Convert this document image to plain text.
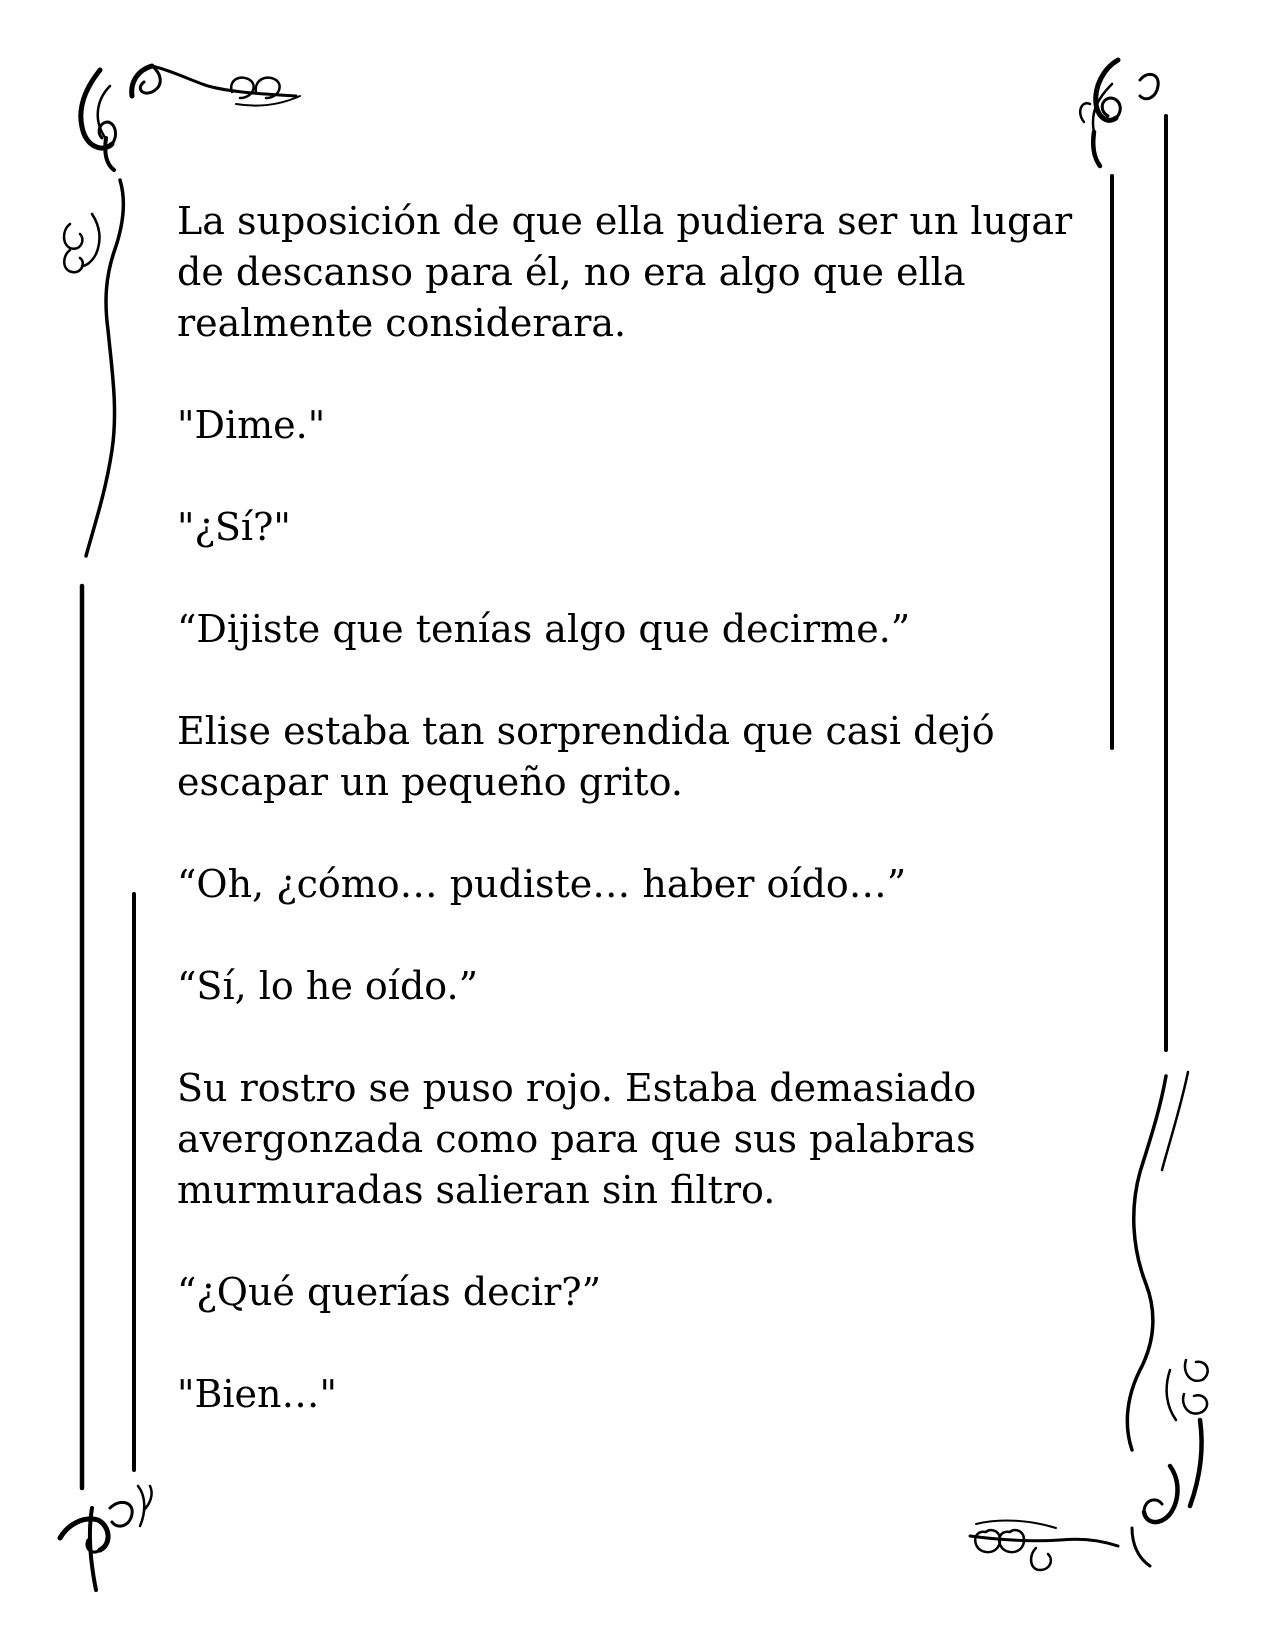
La suposición de que ella pudiera ser un lugar
de descanso para él, no era algo que ella
realmente considerara.

"Dime."

"¿Sí?"

“Dijiste que tenías algo que decirme.”

Elise estaba tan sorprendida que casi dejó
escapar un pequeño grito.

“Oh, ¿cómo… pudiste… haber oído…”

“Sí, lo he oído.”

Su rostro se puso rojo. Estaba demasiado
avergonzada como para que sus palabras
murmuradas salieran sin filtro.

“¿Qué querías decir?”

"Bien…"
